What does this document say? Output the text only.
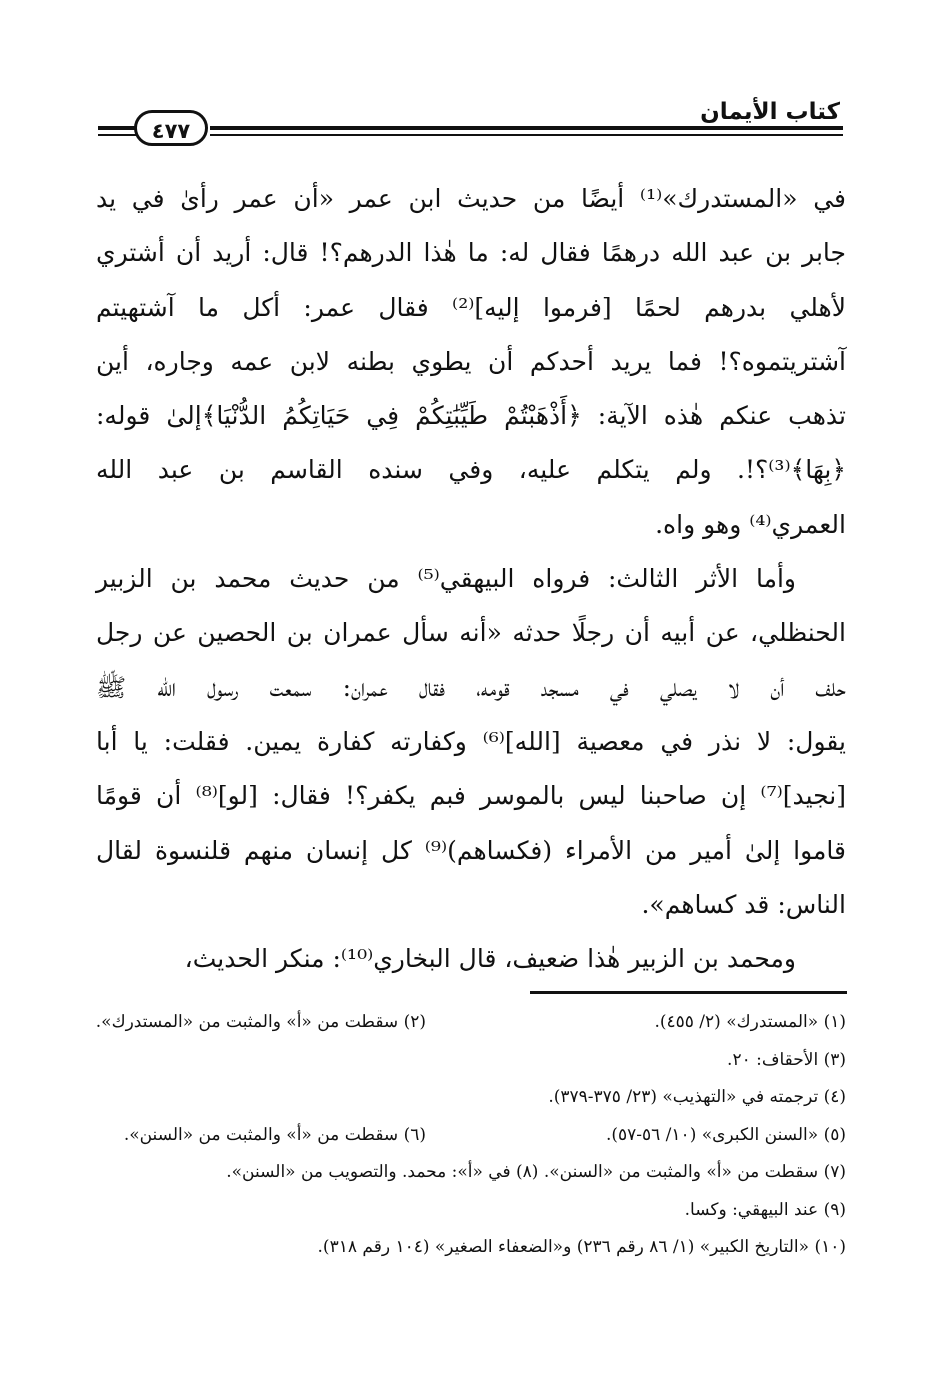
كتاب الأيمان
٤٧٧
في «المستدرك»⁽¹⁾ أيضًا من حديث ابن عمر «أن عمر رأىٰ في يد
جابر بن عبد الله درهمًا فقال له: ما هٰذا الدرهم؟! قال: أريد أن أشتري
لأهلي بدرهم لحمًا [فرموا إليه]⁽²⁾ فقال عمر: أكل ما آشتهيتم
آشتريتموه؟! فما يريد أحدكم أن يطوي بطنه لابن عمه وجاره، أين
تذهب عنكم هٰذه الآية: ﴿أَذْهَبْتُمْ طَيِّبَٰتِكُمْ فِي حَيَاتِكُمُ الدُّنْيَا﴾إلىٰ قوله:
﴿بِهَا﴾⁽³⁾؟!. ولم يتكلم عليه، وفي سنده القاسم بن عبد الله
العمري⁽⁴⁾ وهو واه.
وأما الأثر الثالث: فرواه البيهقي⁽⁵⁾ من حديث محمد بن الزبير
الحنظلي، عن أبيه أن رجلًا حدثه «أنه سأل عمران بن الحصين عن رجل
حلف أن لا يصلي في مسجد قومه، فقال عمران: سمعت رسول الله ﷺ
يقول: لا نذر في معصية [الله]⁽⁶⁾ وكفارته كفارة يمين. فقلت: يا أبا
[نجيد]⁽⁷⁾ إن صاحبنا ليس بالموسر فبم يكفر؟! فقال: [لو]⁽⁸⁾ أن قومًا
قاموا إلىٰ أمير من الأمراء (فكساهم)⁽⁹⁾ كل إنسان منهم قلنسوة لقال
الناس: قد كساهم».
ومحمد بن الزبير هٰذا ضعيف، قال البخاري⁽¹⁰⁾: منكر الحديث،
(١) «المستدرك» (٢/ ٤٥٥).
(٢) سقطت من «أ» والمثبت من «المستدرك».
(٣) الأحقاف: ٢٠.
(٤) ترجمته في «التهذيب» (٢٣/ ٣٧٥-٣٧٩).
(٥) «السنن الكبرى» (١٠/ ٥٦-٥٧).
(٦) سقطت من «أ» والمثبت من «السنن».
(٧) سقطت من «أ» والمثبت من «السنن». (٨) في «أ»: محمد. والتصويب من «السنن».
(٩) عند البيهقي: وكسا.
(١٠) «التاريخ الكبير» (١/ ٨٦ رقم ٢٣٦) و«الضعفاء الصغير» (١٠٤ رقم ٣١٨).
